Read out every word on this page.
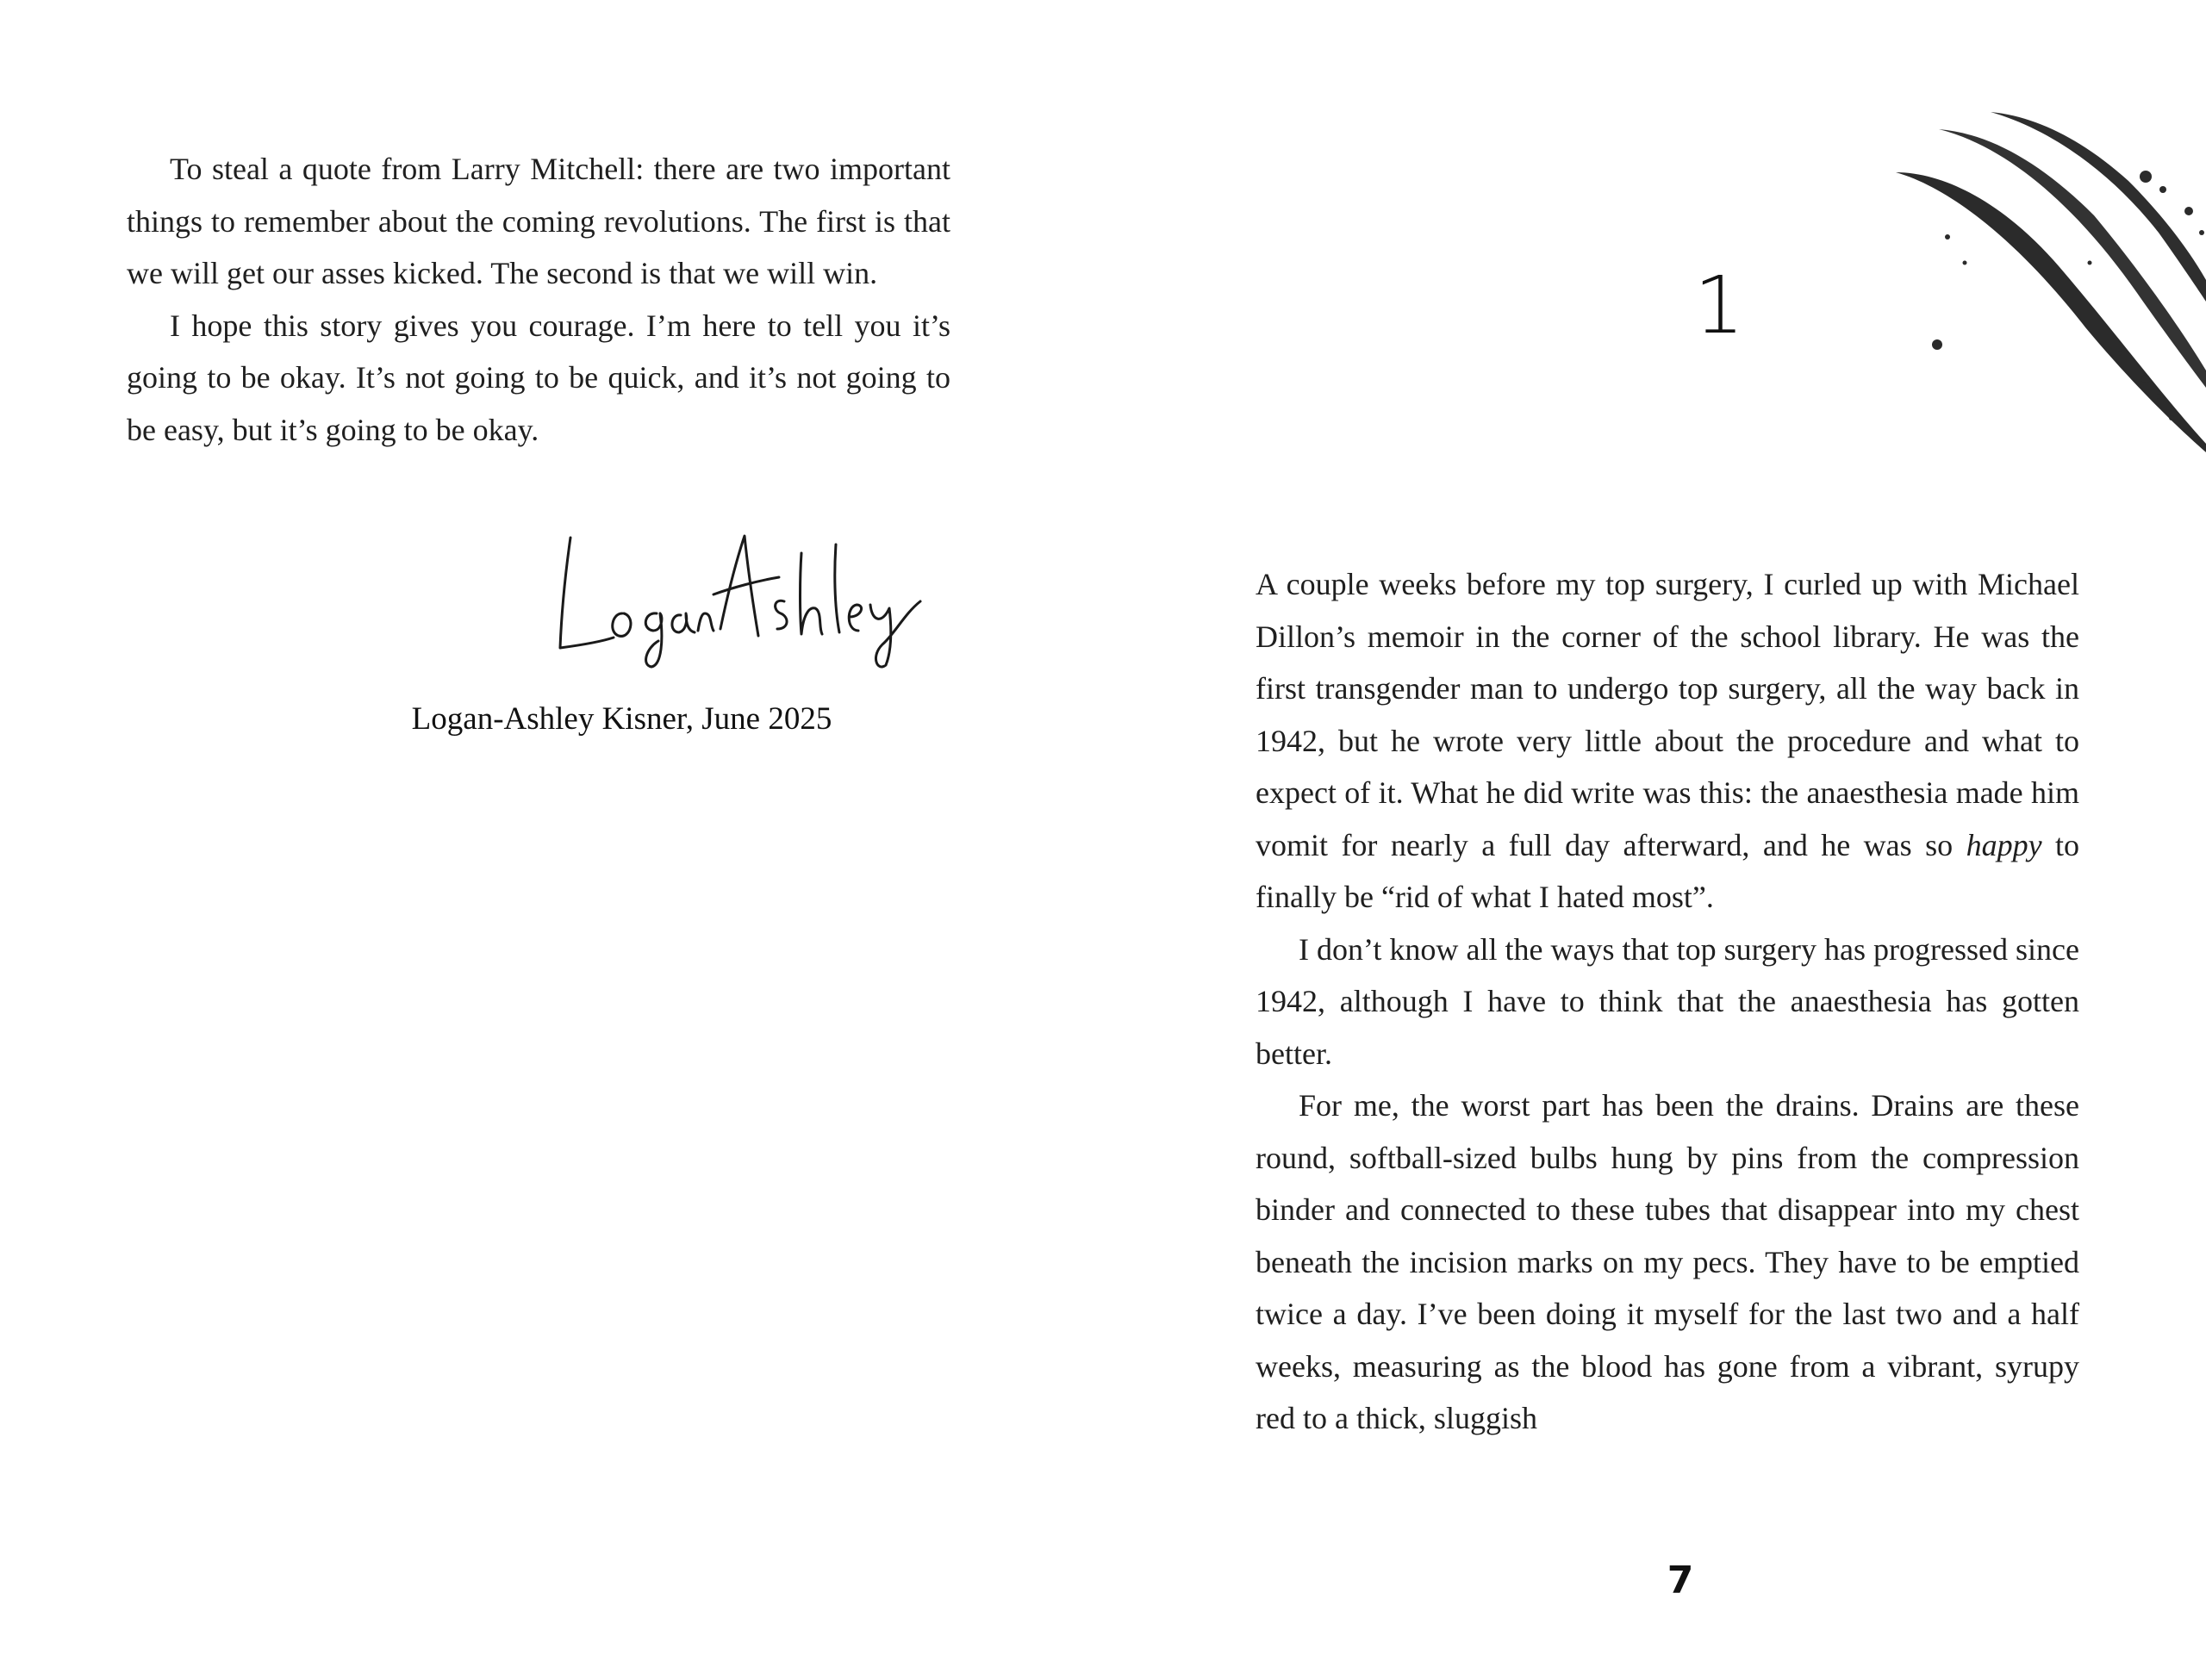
To steal a quote from Larry Mitchell: there are two important things to remember about the coming revolutions. The first is that we will get our asses kicked. The second is that we will win.

I hope this story gives you courage. I’m here to tell you it’s going to be okay. It’s not going to be quick, and it’s not going to be easy, but it’s going to be okay.

Logan-Ashley Kisner, June 2025
1

A couple weeks before my top surgery, I curled up with Michael Dillon’s memoir in the corner of the school library. He was the first transgender man to undergo top surgery, all the way back in 1942, but he wrote very little about the procedure and what to expect of it. What he did write was this: the anaesthesia made him vomit for nearly a full day afterward, and he was so happy to finally be “rid of what I hated most”.

I don’t know all the ways that top surgery has progressed since 1942, although I have to think that the anaesthesia has gotten better.

For me, the worst part has been the drains. Drains are these round, softball-sized bulbs hung by pins from the compression binder and connected to these tubes that disappear into my chest beneath the incision marks on my pecs. They have to be emptied twice a day. I’ve been doing it myself for the last two and a half weeks, measuring as the blood has gone from a vibrant, syrupy red to a thick, sluggish

7
